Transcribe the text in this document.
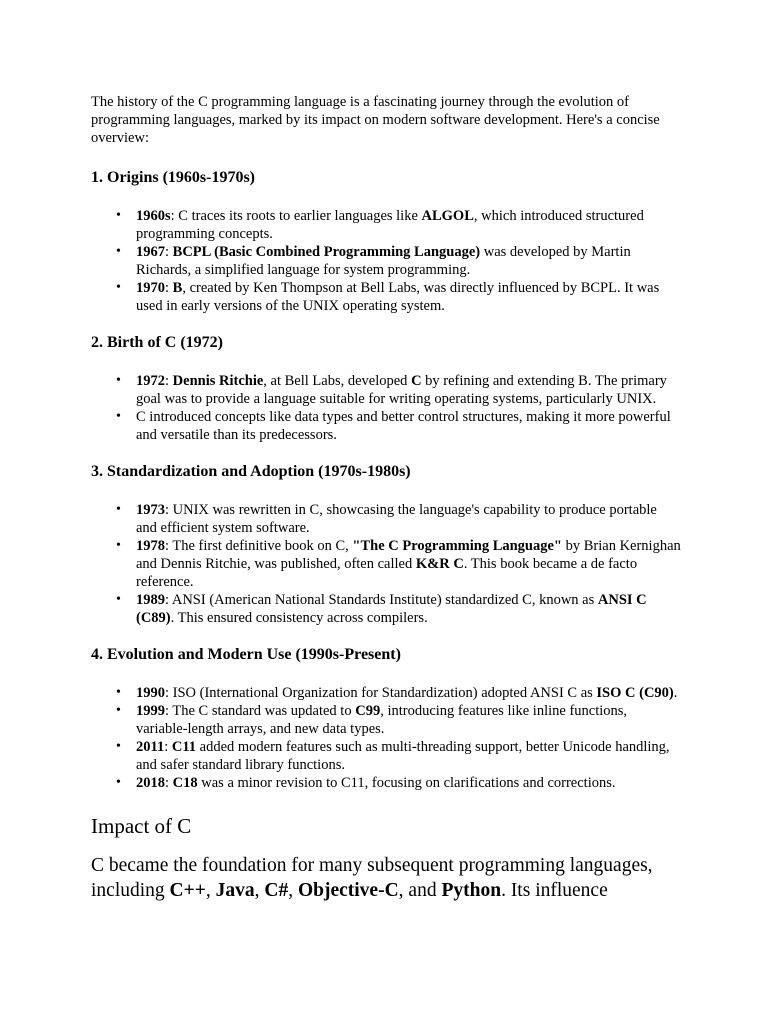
The history of the C programming language is a fascinating journey through the evolution of programming languages, marked by its impact on modern software development. Here's a concise overview:

1. Origins (1960s-1970s)
• 1960s: C traces its roots to earlier languages like ALGOL, which introduced structured programming concepts.
• 1967: BCPL (Basic Combined Programming Language) was developed by Martin Richards, a simplified language for system programming.
• 1970: B, created by Ken Thompson at Bell Labs, was directly influenced by BCPL. It was used in early versions of the UNIX operating system.
2. Birth of C (1972)
• 1972: Dennis Ritchie, at Bell Labs, developed C by refining and extending B. The primary goal was to provide a language suitable for writing operating systems, particularly UNIX.
• C introduced concepts like data types and better control structures, making it more powerful and versatile than its predecessors.
3. Standardization and Adoption (1970s-1980s)
• 1973: UNIX was rewritten in C, showcasing the language's capability to produce portable and efficient system software.
• 1978: The first definitive book on C, "The C Programming Language" by Brian Kernighan and Dennis Ritchie, was published, often called K&R C. This book became a de facto reference.
• 1989: ANSI (American National Standards Institute) standardized C, known as ANSI C (C89). This ensured consistency across compilers.
4. Evolution and Modern Use (1990s-Present)
• 1990: ISO (International Organization for Standardization) adopted ANSI C as ISO C (C90).
• 1999: The C standard was updated to C99, introducing features like inline functions, variable-length arrays, and new data types.
• 2011: C11 added modern features such as multi-threading support, better Unicode handling, and safer standard library functions.
• 2018: C18 was a minor revision to C11, focusing on clarifications and corrections.
Impact of C

C became the foundation for many subsequent programming languages, including C++, Java, C#, Objective-C, and Python. Its influence
